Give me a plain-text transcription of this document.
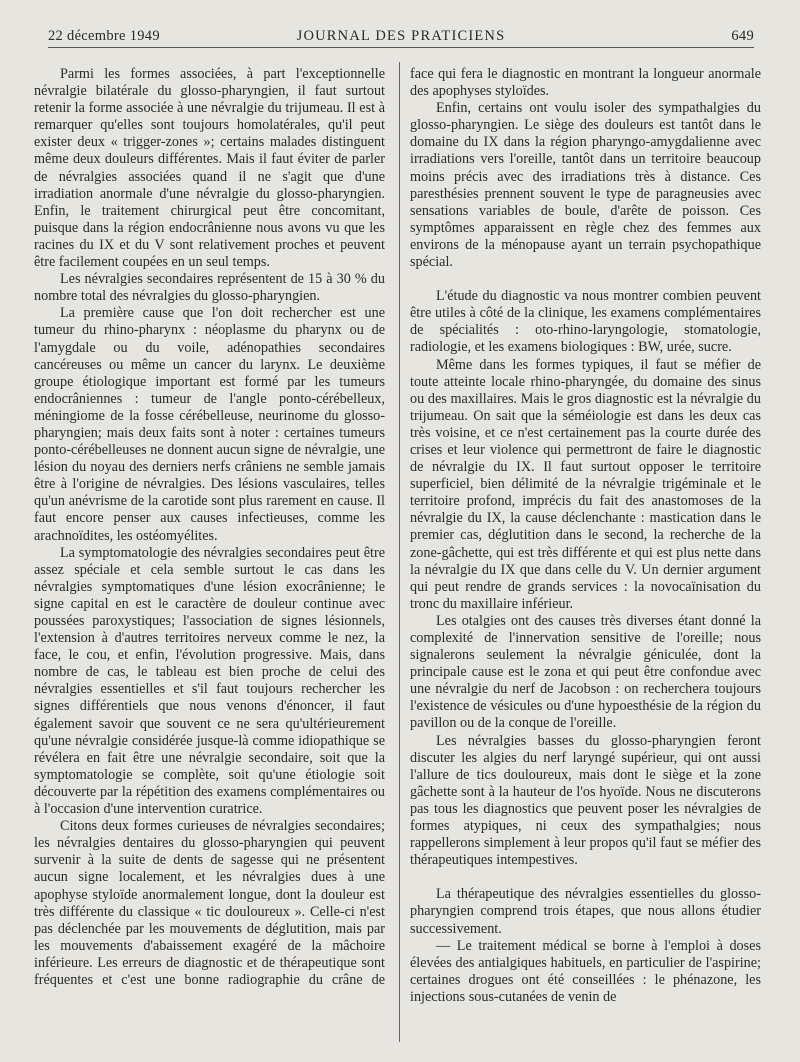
22 décembre 1949	JOURNAL DES PRATICIENS	649

Parmi les formes associées, à part l'exceptionnelle névralgie bilatérale du glosso-pharyngien, il faut surtout retenir la forme associée à une névralgie du trijumeau. Il est à remarquer qu'elles sont toujours homolatérales, qu'il peut exister deux « trigger-zones »; certains malades distinguent même deux douleurs différentes. Mais il faut éviter de parler de névralgies associées quand il ne s'agit que d'une irradiation anormale d'une névralgie du glosso-pharyngien. Enfin, le traitement chirurgical peut être concomitant, puisque dans la région endocrânienne nous avons vu que les racines du IX et du V sont relativement proches et peuvent être facilement coupées en un seul temps.

Les névralgies secondaires représentent de 15 à 30 % du nombre total des névralgies du glosso-pharyngien.

La première cause que l'on doit rechercher est une tumeur du rhino-pharynx : néoplasme du pharynx ou de l'amygdale ou du voile, adénopathies secondaires cancéreuses ou même un cancer du larynx. Le deuxième groupe étiologique important est formé par les tumeurs endocrâniennes : tumeur de l'angle ponto-cérébelleux, méningiome de la fosse cérébelleuse, neurinome du glosso-pharyngien; mais deux faits sont à noter : certaines tumeurs ponto-cérébelleuses ne donnent aucun signe de névralgie, une lésion du noyau des derniers nerfs crâniens ne semble jamais être à l'origine de névralgies. Des lésions vasculaires, telles qu'un anévrisme de la carotide sont plus rarement en cause. Il faut encore penser aux causes infectieuses, comme les arachnoïdites, les ostéomyélites.

La symptomatologie des névralgies secondaires peut être assez spéciale et cela semble surtout le cas dans les névralgies symptomatiques d'une lésion exocrânienne; le signe capital en est le caractère de douleur continue avec poussées paroxystiques; l'association de signes lésionnels, l'extension à d'autres territoires nerveux comme le nez, la face, le cou, et enfin, l'évolution progressive. Mais, dans nombre de cas, le tableau est bien proche de celui des névralgies essentielles et s'il faut toujours rechercher les signes différentiels que nous venons d'énoncer, il faut également savoir que souvent ce ne sera qu'ultérieurement qu'une névralgie considérée jusque-là comme idiopathique se révélera en fait être une névralgie secondaire, soit que la symptomatologie se complète, soit qu'une étiologie soit découverte par la répétition des examens complémentaires ou à l'occasion d'une intervention curatrice.

Citons deux formes curieuses de névralgies secondaires; les névralgies dentaires du glosso-pharyngien qui peuvent survenir à la suite de dents de sagesse qui ne présentent aucun signe localement, et les névralgies dues à une apophyse styloïde anormalement longue, dont la douleur est très différente du classique « tic douloureux ». Celle-ci n'est pas déclenchée par les mouvements de déglutition, mais par les mouvements d'abaissement exagéré de la mâchoire inférieure. Les erreurs de diagnostic et de thérapeutique sont fréquentes et c'est une bonne radiographie du crâne de

face qui fera le diagnostic en montrant la longueur anormale des apophyses styloïdes.

Enfin, certains ont voulu isoler des sympathalgies du glosso-pharyngien. Le siège des douleurs est tantôt dans le domaine du IX dans la région pharyngo-amygdalienne avec irradiations vers l'oreille, tantôt dans un territoire beaucoup moins précis avec des irradiations très à distance. Ces paresthésies prennent souvent le type de paragneusies avec sensations variables de boule, d'arête de poisson. Ces symptômes apparaissent en règle chez des femmes aux environs de la ménopause ayant un terrain psychopathique spécial.

L'étude du diagnostic va nous montrer combien peuvent être utiles à côté de la clinique, les examens complémentaires de spécialités : oto-rhino-laryngologie, stomatologie, radiologie, et les examens biologiques : BW, urée, sucre.

Même dans les formes typiques, il faut se méfier de toute atteinte locale rhino-pharyngée, du domaine des sinus ou des maxillaires. Mais le gros diagnostic est la névralgie du trijumeau. On sait que la séméiologie est dans les deux cas très voisine, et ce n'est certainement pas la courte durée des crises et leur violence qui permettront de faire le diagnostic de névralgie du IX. Il faut surtout opposer le territoire superficiel, bien délimité de la névralgie trigéminale et le territoire profond, imprécis du fait des anastomoses de la névralgie du IX, la cause déclenchante : mastication dans le premier cas, déglutition dans le second, la recherche de la zone-gâchette, qui est très différente et qui est plus nette dans la névralgie du IX que dans celle du V. Un dernier argument qui peut rendre de grands services : la novocaïnisation du tronc du maxillaire inférieur.

Les otalgies ont des causes très diverses étant donné la complexité de l'innervation sensitive de l'oreille; nous signalerons seulement la névralgie géniculée, dont la principale cause est le zona et qui peut être confondue avec une névralgie du nerf de Jacobson : on recherchera toujours l'existence de vésicules ou d'une hypoesthésie de la région du pavillon ou de la conque de l'oreille.

Les névralgies basses du glosso-pharyngien feront discuter les algies du nerf laryngé supérieur, qui ont aussi l'allure de tics douloureux, mais dont le siège et la zone gâchette sont à la hauteur de l'os hyoïde. Nous ne discuterons pas tous les diagnostics que peuvent poser les névralgies de formes atypiques, ni ceux des sympathalgies; nous rappellerons simplement à leur propos qu'il faut se méfier des thérapeutiques intempestives.

La thérapeutique des névralgies essentielles du glosso-pharyngien comprend trois étapes, que nous allons étudier successivement.

— Le traitement médical se borne à l'emploi à doses élevées des antialgiques habituels, en particulier de l'aspirine; certaines drogues ont été conseillées : le phénazone, les injections sous-cutanées de venin de
